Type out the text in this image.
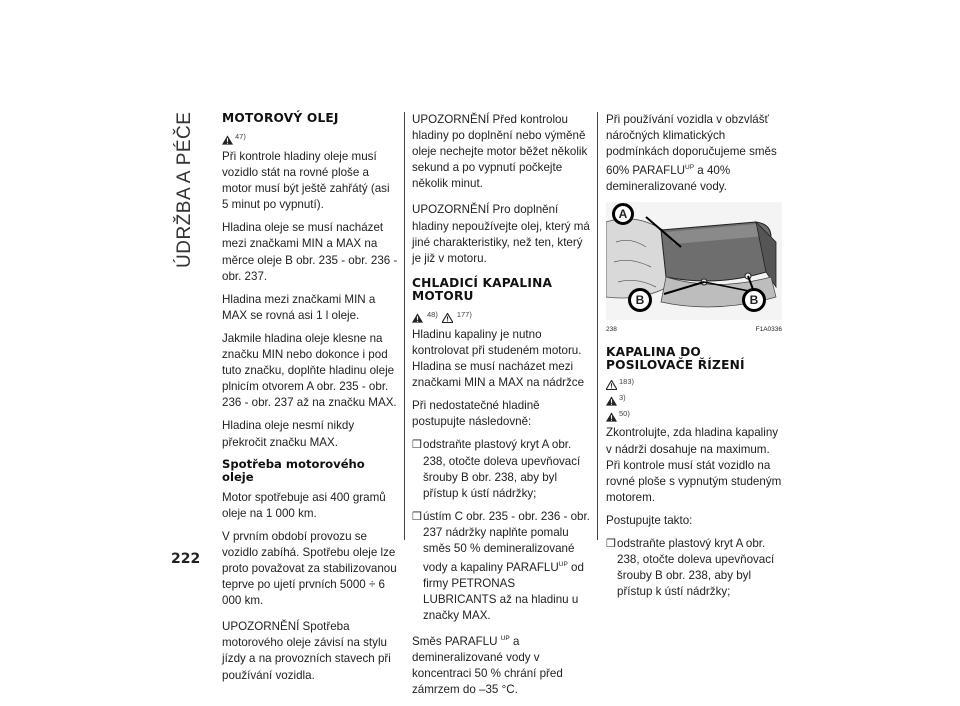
ÚDRŽBA A PÉČE MOTOROVÝ OLEJ
47)

Při kontrole hladiny oleje musí vozidlo stát na rovné ploše a motor musí být ještě zahřátý (asi 5 minut po vypnutí).

Hladina oleje se musí nacházet mezi značkami MIN a MAX na měrce oleje B obr. 235 - obr. 236 - obr. 237.

Hladina mezi značkami MIN a MAX se rovná asi 1 l oleje.

Jakmile hladina oleje klesne na značku MIN nebo dokonce i pod tuto značku, doplňte hladinu oleje plnicím otvorem A obr. 235 - obr. 236 - obr. 237 až na značku MAX.

Hladina oleje nesmí nikdy překročit značku MAX.

Spotřeba motorového oleje

Motor spotřebuje asi 400 gramů oleje na 1 000 km.

V prvním období provozu se vozidlo zabíhá. Spotřebu oleje lze proto považovat za stabilizovanou teprve po ujetí prvních 5000 ÷ 6 000 km.

UPOZORNĚNÍ Spotřeba motorového oleje závisí na stylu jízdy a na provozních stavech při používání vozidla.

UPOZORNĚNÍ Před kontrolou hladiny po doplnění nebo výměně oleje nechejte motor běžet několik sekund a po vypnutí počkejte několik minut.

UPOZORNĚNÍ Pro doplnění hladiny nepoužívejte olej, který má jiné charakteristiky, než ten, který je již v motoru.

CHLADICÍ KAPALINA MOTORU
48)	177)

Hladinu kapaliny je nutno kontrolovat při studeném motoru. Hladina se musí nacházet mezi značkami MIN a MAX na nádržce

Při nedostatečné hladině postupujte následovně:

❒ odstraňte plastový kryt A obr. 238, otočte doleva upevňovací šrouby B obr. 238, aby byl přístup k ústí nádržky;
❒ ústím C obr. 235 - obr. 236 - obr. 237 nádržky naplňte pomalu směs 50 % demineralizované vody a kapaliny $PARAFLU^{UP}$ od firmy PETRONAS LUBRICANTS až na hladinu u značky MAX.

Směs PARAFLU $^{UP}$ a demineralizované vody v koncentraci 50 % chrání před zámrzem do –35 °C.

Při používání vozidla v obzvlášť náročných klimatických podmínkách doporučujeme směs 60% $PARAFLU^{UP}$ a 40% demineralizované vody.

A
B	B
238	F1A0336
KAPALINA DO POSILOVAČE ŘÍZENÍ
183)
3)
50)

Zkontrolujte, zda hladina kapaliny v nádrži dosahuje na maximum. Při kontrole musí stát vozidlo na rovné ploše s vypnutým studeným motorem.

Postupujte takto:

❒ odstraňte plastový kryt A obr. 238, otočte doleva upevňovací šrouby B obr. 238, aby byl přístup k ústí nádržky;
222
